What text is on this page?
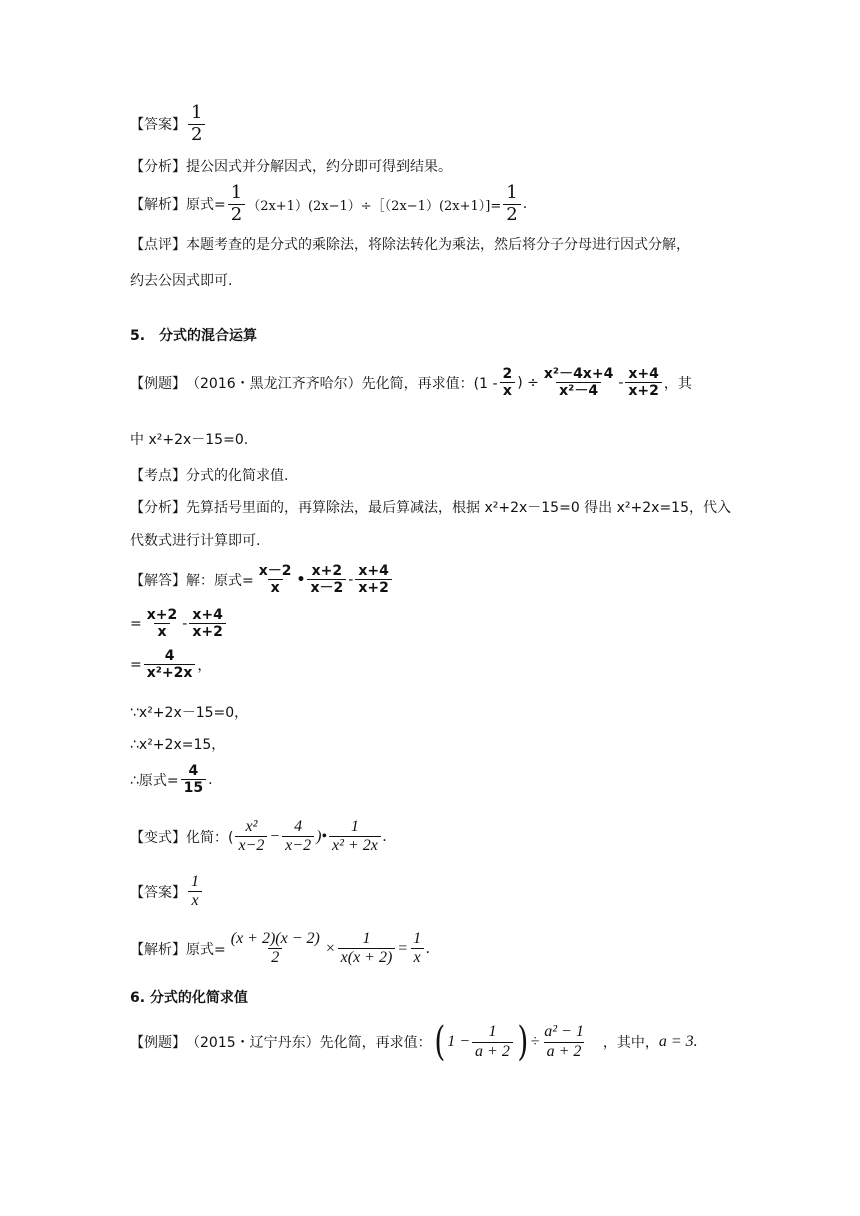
【答案】 $\frac{1}{2}$
【分析】 提公因式并分解因式，约分即可得到结果。
【解析】 原式= $\frac{1}{2}$ （2x+1）(2x−1）÷［（2x−1）(2x+1）]= $\frac{1}{2}$ .
【点评】 本题考查的是分式的乘除法，将除法转化为乘法，然后将分子分母进行因式分解，
约去公因式即可.
5.　分式的混合运算
【例题】 （2016・黑龙江齐齐哈尔）先化简，再求值：($1 - \frac{2}{x}$ ) ÷ $\frac{\text{x²－4x+4}}{\text{x²－4}} - \frac{x+4}{x+2}$ ，其
中 x²+2x－15=0.
【考点】 分式的化简求值.
【分析】 先算括号里面的，再算除法，最后算减法，根据 x²+2x－15=0 得出 x²+2x=15，代入
代数式进行计算即可.
【解答】 解：原式= $\frac{x-2}{x}$ • $\frac{x+2}{x-2} - \frac{x+4}{x+2}$
= $\frac{x+2}{x} - \frac{x+4}{x+2}$
= $\frac{4}{\text{x²+2x}}$ ，
∵x²+2x－15=0，
∴x²+2x=15，
∴原式= $\frac{4}{15}$ .
【变式】 化简：( $\frac{\text{x²}}{x-2} - \frac{4}{x-2}$ )• $\frac{1}{\text{x² + 2x}}$ .
【答案】 $\frac{1}{x}$
【解析】 原式= $\frac{(x + 2)(x - 2)}{2} \times \frac{1}{x(x + 2)} = \frac{1}{x}$ .
6. 分式的化简求值
【例题】 （2015・辽宁丹东）先化简，再求值： ( $1 - \frac{1}{a + 2}$ ) ÷ $\frac{\text{a² − 1}}{a + 2}$ ，其中， a = 3.
